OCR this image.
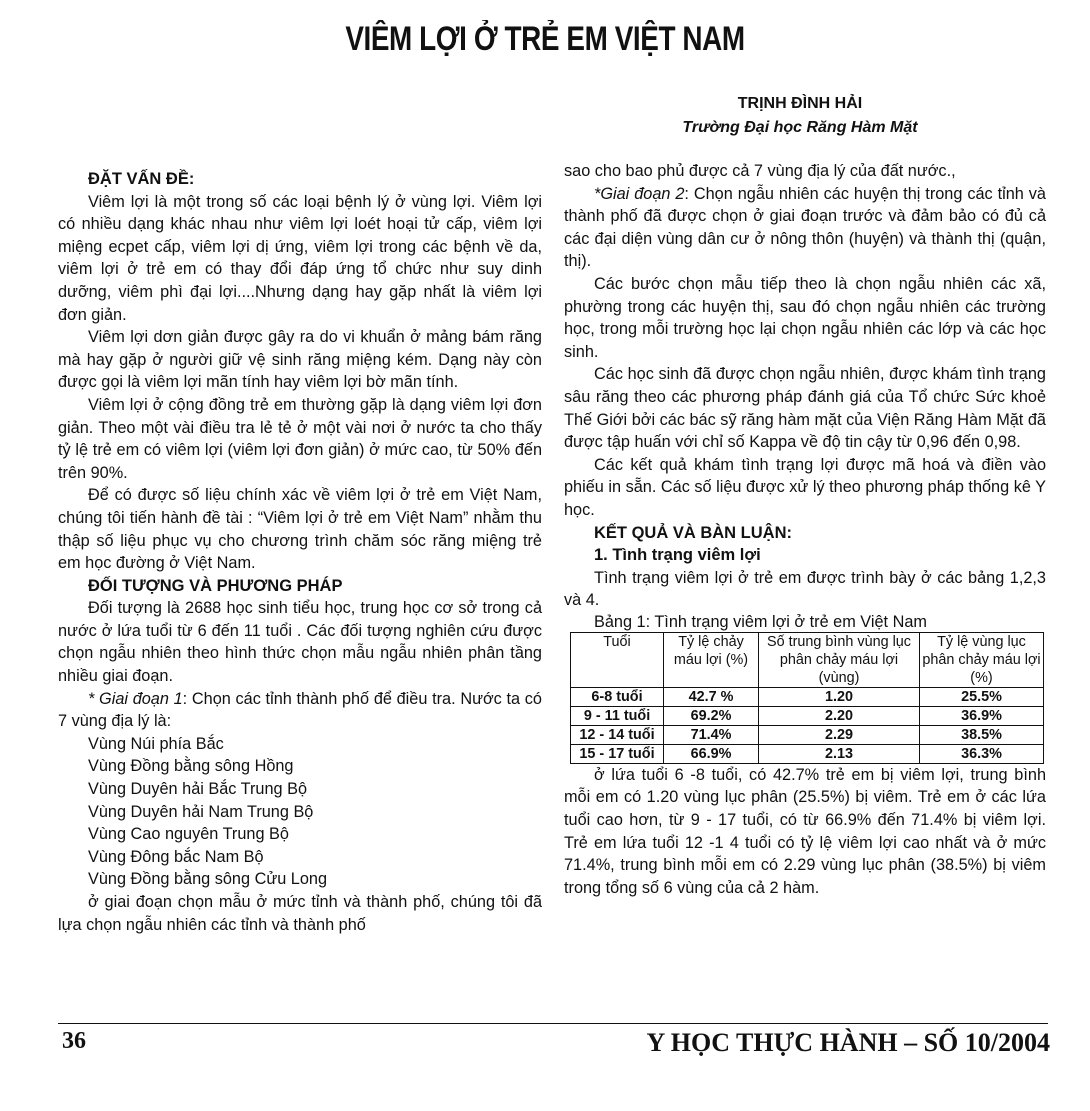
VIÊM LỢI Ở TRẺ EM VIỆT NAM
TRỊNH ĐÌNH HẢI
Trường Đại học Răng Hàm Mặt
ĐẶT VẤN ĐỀ:

Viêm lợi là một trong số các loại bệnh lý ở vùng lợi. Viêm lợi có nhiều dạng khác nhau như viêm lợi loét hoại tử cấp, viêm lợi miệng ecpet cấp, viêm lợi dị ứng, viêm lợi trong các bệnh về da, viêm lợi ở trẻ em có thay đổi đáp ứng tổ chức như suy dinh dưỡng, viêm phì đại lợi....Nhưng dạng hay gặp nhất là viêm lợi đơn giản.

Viêm lợi dơn giản được gây ra do vi khuẩn ở mảng bám răng mà hay gặp ở người giữ vệ sinh răng miệng kém. Dạng này còn được gọi là viêm lợi mãn tính hay viêm lợi bờ mãn tính.

Viêm lợi ở cộng đồng trẻ em thường gặp là dạng viêm lợi đơn giản. Theo một vài điều tra lẻ tẻ ở một vài nơi ở nước ta cho thấy tỷ lệ trẻ em có viêm lợi (viêm lợi đơn giản) ở mức cao, từ 50% đến trên 90%.

Để có được số liệu chính xác về viêm lợi ở trẻ em Việt Nam, chúng tôi tiến hành đề tài : “Viêm lợi ở trẻ em Việt Nam” nhằm thu thập số liệu phục vụ cho chương trình chăm sóc răng miệng trẻ em học đường ở Việt Nam.

ĐỐI TƯỢNG VÀ PHƯƠNG PHÁP

Đối tượng là 2688 học sinh tiểu học, trung học cơ sở trong cả nước ở lứa tuổi từ 6 đến 11 tuổi . Các đối tượng nghiên cứu được chọn ngẫu nhiên theo hình thức chọn mẫu ngẫu nhiên phân tầng nhiều giai đoạn.

* Giai đoạn 1: Chọn các tỉnh thành phố để điều tra. Nước ta có 7 vùng địa lý là:

Vùng Núi phía Bắc
Vùng Đồng bằng sông Hồng
Vùng Duyên hải Bắc Trung Bộ
Vùng Duyên hải Nam Trung Bộ
Vùng Cao nguyên Trung Bộ
Vùng Đông bắc Nam Bộ
Vùng Đồng bằng sông Cửu Long

ở giai đoạn chọn mẫu ở mức tỉnh và thành phố, chúng tôi đã lựa chọn ngẫu nhiên các tỉnh và thành phố

sao cho bao phủ được cả 7 vùng địa lý của đất nước.,

*Giai đoạn 2: Chọn ngẫu nhiên các huyện thị trong các tỉnh và thành phố đã được chọn ở giai đoạn trước và đảm bảo có đủ cả các đại diện vùng dân cư ở nông thôn (huyện) và thành thị (quận, thị).

Các bước chọn mẫu tiếp theo là chọn ngẫu nhiên các xã, phường trong các huyện thị, sau đó chọn ngẫu nhiên các trường học, trong mỗi trường học lại chọn ngẫu nhiên các lớp và các học sinh.

Các học sinh đã được chọn ngẫu nhiên, được khám tình trạng sâu răng theo các phương pháp đánh giá của Tổ chức Sức khoẻ Thế Giới bởi các bác sỹ răng hàm mặt của Viện Răng Hàm Mặt đã được tập huấn với chỉ số Kappa về độ tin cậy từ 0,96 đến 0,98.

Các kết quả khám tình trạng lợi được mã hoá và điền vào phiếu in sẵn. Các số liệu được xử lý theo phương pháp thống kê Y học.

KẾT QUẢ VÀ BÀN LUẬN:
1. Tình trạng viêm lợi

Tình trạng viêm lợi ở trẻ em được trình bày ở các bảng 1,2,3 và 4.

Bảng 1: Tình trạng viêm lợi ở trẻ em Việt Nam

Tuổi	Tỷ lệ chảy máu lợi (%)	Số trung bình vùng lục phân chảy máu lợi (vùng)	Tỷ lệ vùng lục phân chảy máu lợi (%)
6-8 tuổi	42.7 %	1.20	25.5%
9 - 11 tuổi	69.2%	2.20	36.9%
12 - 14 tuổi	71.4%	2.29	38.5%
15 - 17 tuổi	66.9%	2.13	36.3%

ở lứa tuổi 6 -8 tuổi, có 42.7% trẻ em bị viêm lợi, trung bình mỗi em có 1.20 vùng lục phân (25.5%) bị viêm. Trẻ em ở các lứa tuổi cao hơn, từ 9 - 17 tuổi, có từ 66.9% đến 71.4% bị viêm lợi. Trẻ em lứa tuổi 12 -1 4 tuổi có tỷ lệ viêm lợi cao nhất và ở mức 71.4%, trung bình mỗi em có 2.29 vùng lục phân (38.5%) bị viêm trong tổng số 6 vùng của cả 2 hàm.

36	Y HỌC THỰC HÀNH – SỐ 10/2004
